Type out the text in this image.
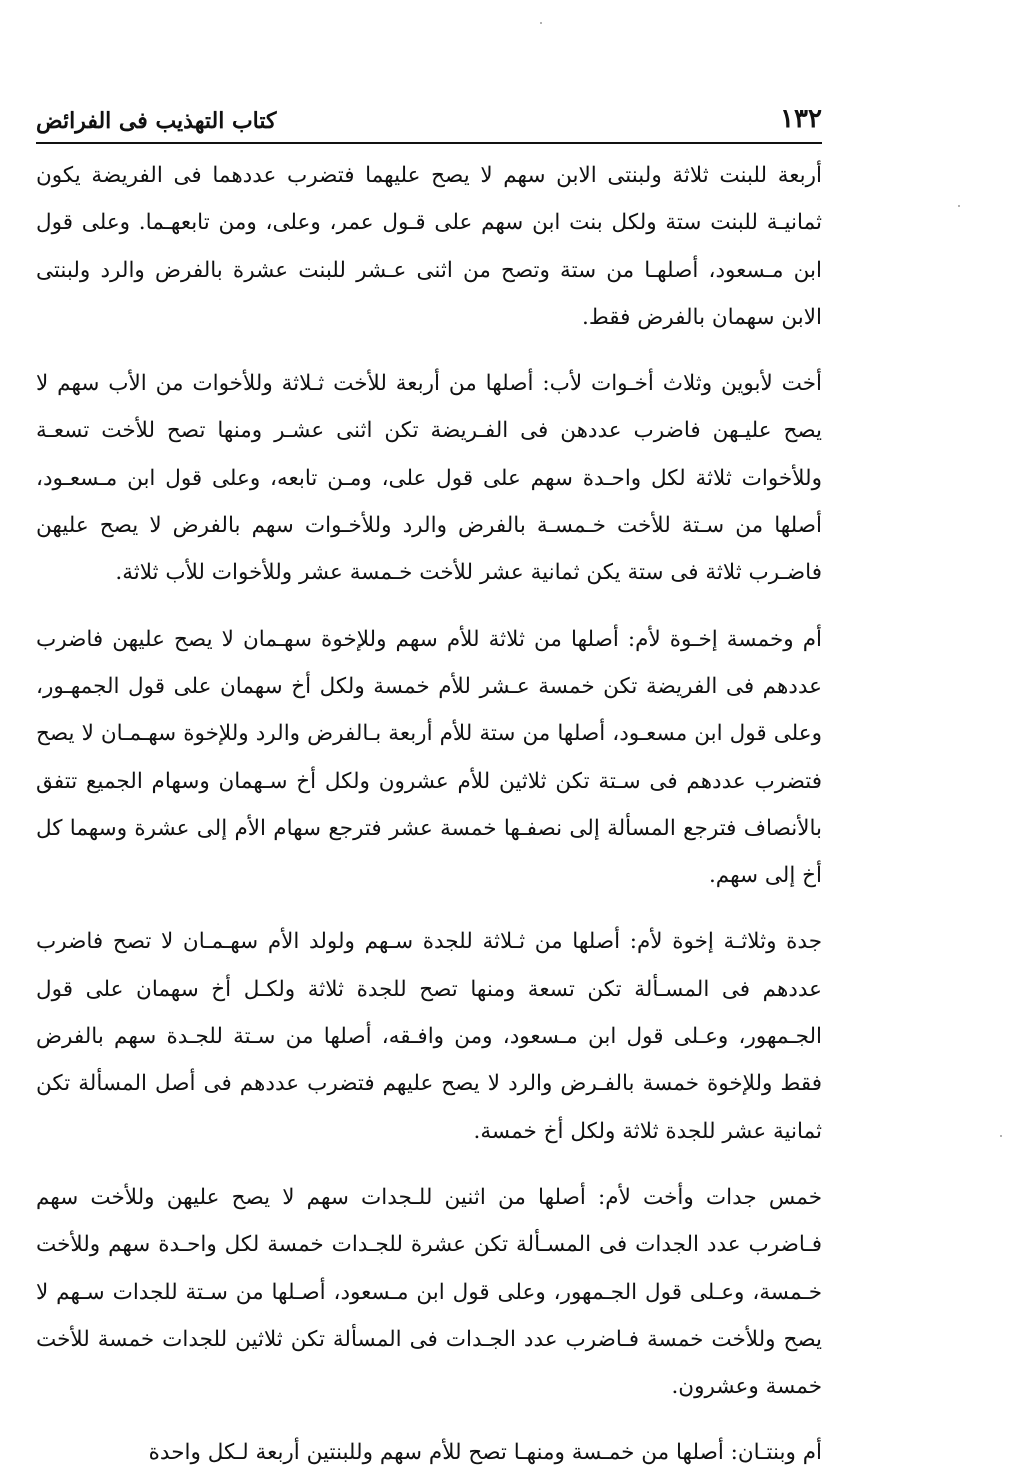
١٣٢
كتاب التهذيب فى الفرائض

أربعة للبنت ثلاثة ولبنتى الابن سهم لا يصح عليهما فتضرب عددهما فى الفريضة يكون ثمانيـة للبنت ستة ولكل بنت ابن سهم على قـول عمر، وعلى، ومن تابعهـما. وعلى قول ابن مـسعود، أصلهـا من ستة وتصح من اثنى عـشر للبنت عشرة بالفرض والرد ولبنتى الابن سهمان بالفرض فقط.

أخت لأبوين وثلاث أخـوات لأب: أصلها من أربعة للأخت ثـلاثة وللأخوات من الأب سهم لا يصح عليـهن فاضرب عددهن فى الفـريضة تكن اثنى عشـر ومنها تصح للأخت تسعـة وللأخوات ثلاثة لكل واحـدة سهم على قول على، ومـن تابعه، وعلى قول ابن مـسعـود، أصلها من سـتة للأخت خـمسـة بالفرض والرد وللأخـوات سهم بالفرض لا يصح عليهن فاضـرب ثلاثة فى ستة يكن ثمانية عشر للأخت خـمسة عشر وللأخوات للأب ثلاثة.

أم وخمسة إخـوة لأم: أصلها من ثلاثة للأم سهم وللإخوة سهـمان لا يصح عليهن فاضرب عددهم فى الفريضة تكن خمسة عـشر للأم خمسة ولكل أخ سهمان على قول الجمهـور، وعلى قول ابن مسعـود، أصلها من ستة للأم أربعة بـالفرض والرد وللإخوة سهـمـان لا يصح فتضرب عددهم فى سـتة تكن ثلاثين للأم عشرون ولكل أخ سـهمان وسهام الجميع تتفق بالأنصاف فترجع المسألة إلى نصفـها خمسة عشر فترجع سهام الأم إلى عشرة وسهما كل أخ إلى سهم.

جدة وثلاثـة إخوة لأم: أصلها من ثـلاثة للجدة سـهم ولولد الأم سهـمـان لا تصح فاضرب عددهم فى المسـألة تكن تسعة ومنها تصح للجدة ثلاثة ولكـل أخ سهمان على قول الجـمهور، وعـلى قول ابن مـسعود، ومن وافـقه، أصلها من سـتة للجـدة سهم بالفرض فقط وللإخوة خمسة بالفـرض والرد لا يصح عليهم فتضرب عددهم فى أصل المسألة تكن ثمانية عشر للجدة ثلاثة ولكل أخ خمسة.

خمس جدات وأخت لأم: أصلها من اثنين للـجدات سهم لا يصح عليهن وللأخت سهم فـاضرب عدد الجدات فى المسـألة تكن عشرة للجـدات خمسة لكل واحـدة سهم وللأخت خـمسة، وعـلى قول الجـمهور، وعلى قول ابن مـسعود، أصـلها من سـتة للجدات سـهم لا يصح وللأخت خمسة فـاضرب عدد الجـدات فى المسألة تكن ثلاثين للجدات خمسة للأخت خمسة وعشرون.

أم وبنتـان: أصلها من خمـسة ومنهـا تصح للأم سهم وللبنتين أربعة لـكل واحدة
